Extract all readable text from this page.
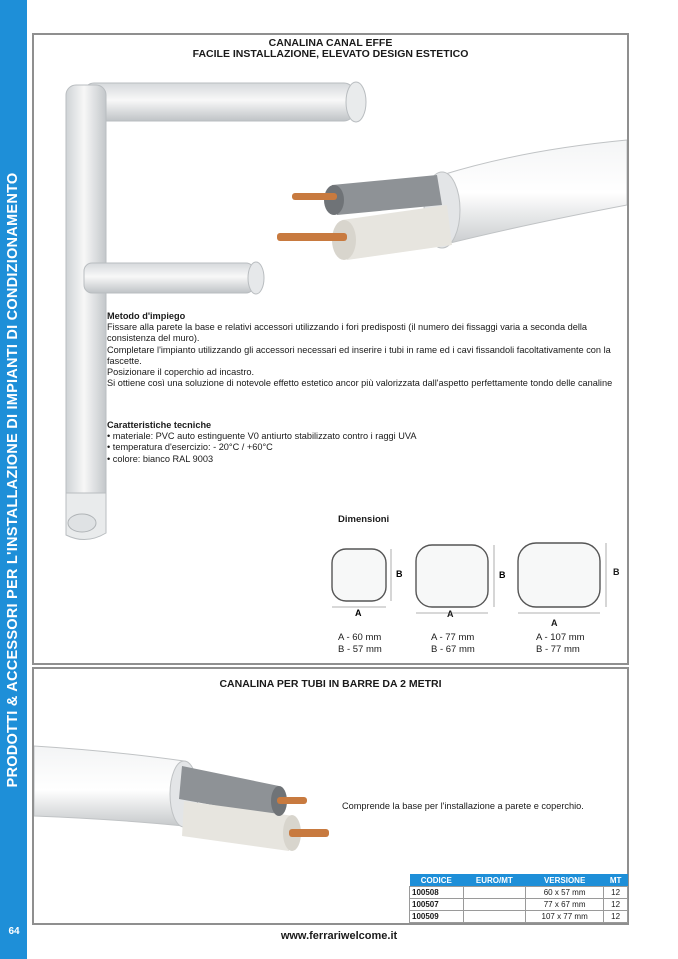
PRODOTTI & ACCESSORI PER L'INSTALLAZIONE DI IMPIANTI DI CONDIZIONAMENTO
64
CANALINA CANAL EFFE
FACILE INSTALLAZIONE, ELEVATO DESIGN ESTETICO
Metodo d'impiego

Fissare alla parete la base e relativi accessori utilizzando i fori predisposti (il numero dei fissaggi varia a seconda della consistenza del muro).

Completare l'impianto utilizzando gli accessori necessari ed inserire i tubi in rame ed i cavi fissandoli facoltativamente con la fascette.

Posizionare il coperchio ad incastro.

Si ottiene così una soluzione di notevole effetto estetico ancor più valorizzata dall'aspetto perfettamente tondo delle canaline

Caratteristiche tecniche
• materiale: PVC auto estinguente V0 antiurto stabilizzato contro i raggi UVA
• temperatura d'esercizio: - 20°C / +60°C
• colore: bianco RAL 9003
Dimensioni
B
A
A - 60 mm
B - 57 mm
B
A
A - 77 mm
B - 67 mm
B
A
A - 107 mm
B - 77 mm
CANALINA PER TUBI IN BARRE DA 2 METRI
Comprende la base per l'installazione a parete e coperchio.
CODICE	EURO/MT	VERSIONE	MT
100508		60 x 57 mm	12
100507		77 x 67 mm	12
100509		107 x 77 mm	12
www.ferrariwelcome.it
